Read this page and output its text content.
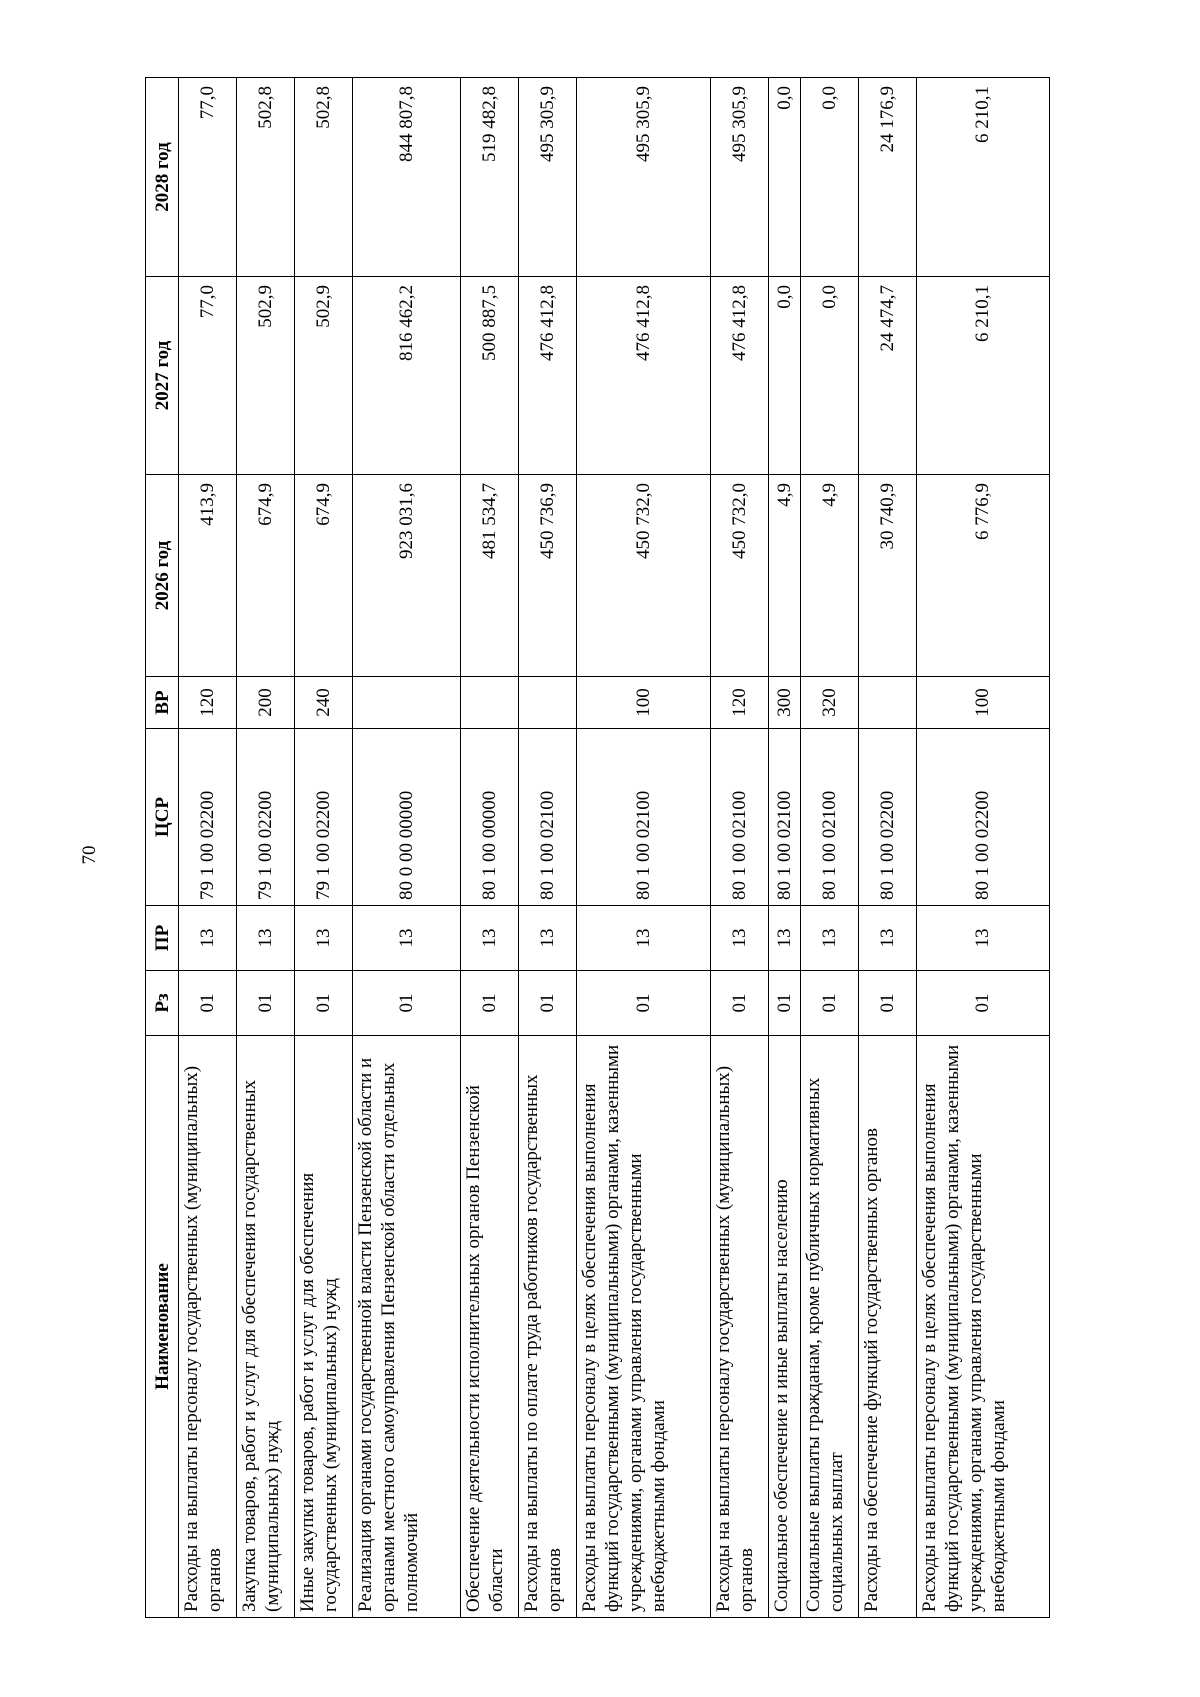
70
Наименование	Рз	ПР	ЦСР	ВР	2026 год	2027 год	2028 год
Расходы на выплаты персоналу государственных (муниципальных) органов	01	13	79 1 00 02200	120	413,9	77,0	77,0
Закупка товаров, работ и услуг для обеспечения государственных (муниципальных) нужд	01	13	79 1 00 02200	200	674,9	502,9	502,8
Иные закупки товаров, работ и услуг для обеспечения государственных (муниципальных) нужд	01	13	79 1 00 02200	240	674,9	502,9	502,8
Реализация органами государственной власти Пензенской области и органами местного самоуправления Пензенской области отдельных полномочий	01	13	80 0 00 00000		923 031,6	816 462,2	844 807,8
Обеспечение деятельности исполнительных органов Пензенской области	01	13	80 1 00 00000		481 534,7	500 887,5	519 482,8
Расходы на выплаты по оплате труда работников государственных органов	01	13	80 1 00 02100		450 736,9	476 412,8	495 305,9
Расходы на выплаты персоналу в целях обеспечения выполнения функций государственными (муниципальными) органами, казенными учреждениями, органами управления государственными внебюджетными фондами	01	13	80 1 00 02100	100	450 732,0	476 412,8	495 305,9
Расходы на выплаты персоналу государственных (муниципальных) органов	01	13	80 1 00 02100	120	450 732,0	476 412,8	495 305,9
Социальное обеспечение и иные выплаты населению	01	13	80 1 00 02100	300	4,9	0,0	0,0
Социальные выплаты гражданам, кроме публичных нормативных социальных выплат	01	13	80 1 00 02100	320	4,9	0,0	0,0
Расходы на обеспечение функций государственных органов	01	13	80 1 00 02200		30 740,9	24 474,7	24 176,9
Расходы на выплаты персоналу в целях обеспечения выполнения функций государственными (муниципальными) органами, казенными учреждениями, органами управления государственными внебюджетными фондами	01	13	80 1 00 02200	100	6 776,9	6 210,1	6 210,1
